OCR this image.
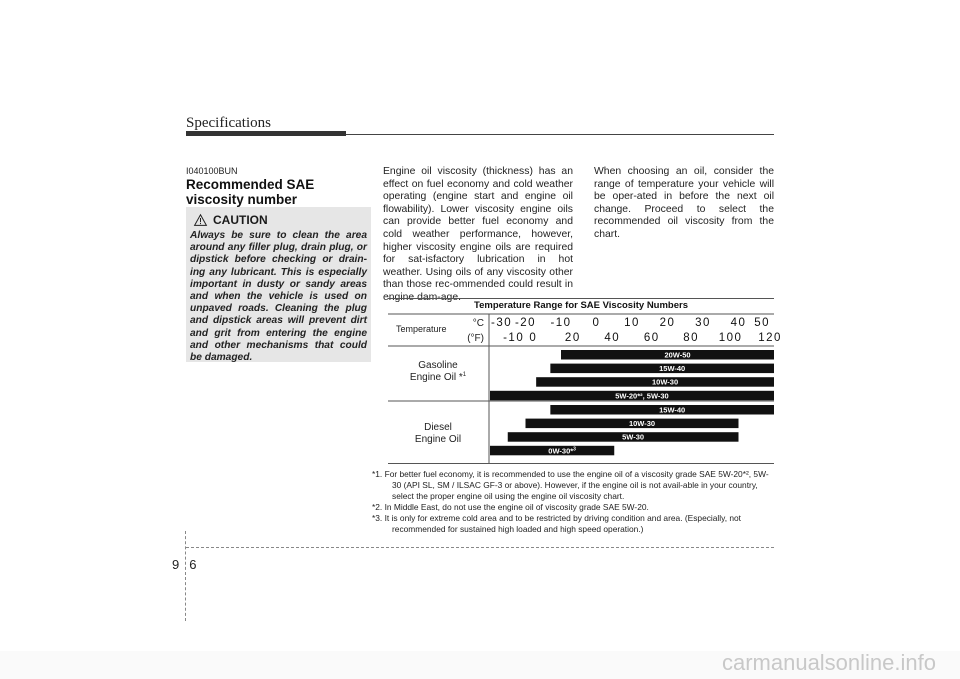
Specifications
I040100BUN
Recommended SAE viscosity number
CAUTION
Always be sure to clean the area around any filler plug, drain plug, or dipstick before checking or drain-ing any lubricant. This is especially important in dusty or sandy areas and when the vehicle is used on unpaved roads. Cleaning the plug and dipstick areas will prevent dirt and grit from entering the engine and other mechanisms that could be damaged.
Engine oil viscosity (thickness) has an effect on fuel economy and cold weather operating (engine start and engine oil flowability). Lower viscosity engine oils can provide better fuel economy and cold weather performance, however, higher viscosity engine oils are required for sat-isfactory lubrication in hot weather. Using oils of any viscosity other than those rec-ommended could result in engine dam-age.
When choosing an oil, consider the range of temperature your vehicle will be oper-ated in before the next oil change. Proceed to select the recommended oil viscosity from the chart.
Temperature Range for SAE Viscosity Numbers
Temperature	°C
(°F)
-30 -20 -10 0 10 20 30 40 50
-10 0 20 40 60 80 100 120
Gasoline
Engine Oil *$^1$
20W-50
15W-40
10W-30
5W-20*², 5W-30
Diesel
Engine Oil
15W-40
10W-30
5W-30
0W-30*$^3$

*1. For better fuel economy, it is recommended to use the engine oil of a viscosity grade SAE 5W-20*², 5W-30 (API SL, SM / ILSAC GF-3 or above). However, if the engine oil is not avail-able in your country, select the proper engine oil using the engine oil viscosity chart.

*2. In Middle East, do not use the engine oil of viscosity grade SAE 5W-20.

*3. It is only for extreme cold area and to be restricted by driving condition and area. (Especially, not recommended for sustained high loaded and high speed operation.)

96
carmanualsonline.info
